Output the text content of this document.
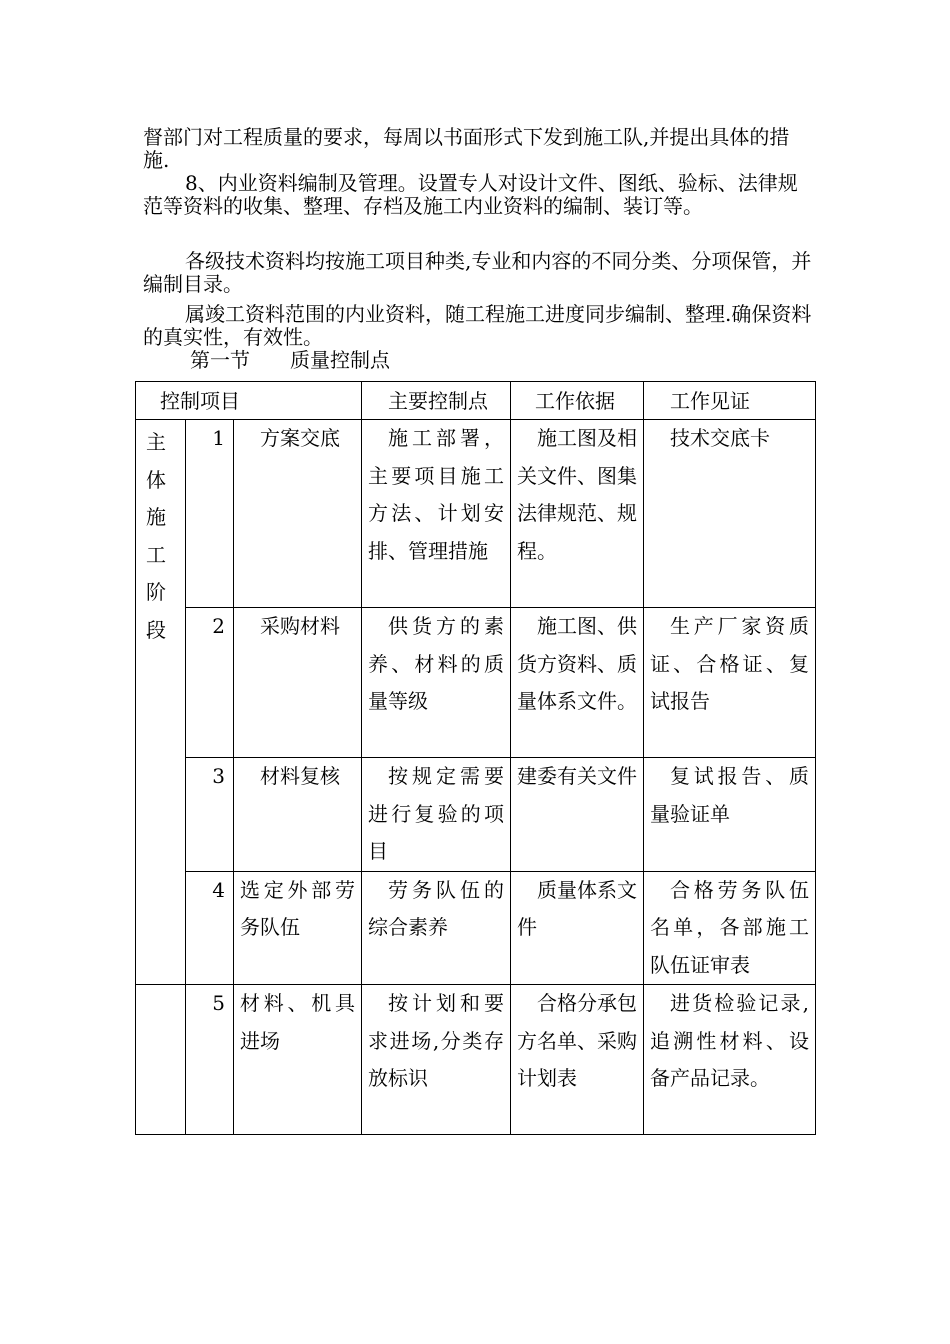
督部门对工程质量的要求，每周以书面形式下发到施工队,并提出具体的措施.

8、内业资料编制及管理。设置专人对设计文件、图纸、验标、法律规范等资料的收集、整理、存档及施工内业资料的编制、装订等。

各级技术资料均按施工项目种类,专业和内容的不同分类、分项保管，并编制目录。

属竣工资料范围的内业资料，随工程施工进度同步编制、整理.确保资料的真实性，有效性。

第一节　　质量控制点
控制项目			主要控制点	工作依据	工作见证
主体施工阶段	1	方案交底	施工部署，主要项目施工方法、计划安排、管理措施	施工图及相关文件、图集法律规范、规程。	技术交底卡
	2	采购材料	供货方的素养、材料的质量等级	施工图、供货方资料、质量体系文件。	生产厂家资质证、合格证、复试报告
	3	材料复核	按规定需要进行复验的项目	建委有关文件	复试报告、质量验证单
	4	选定外部劳务队伍	劳务队伍的综合素养	质量体系文件	合格劳务队伍名单，各部施工队伍证审表
	5	材料、机具进场	按计划和要求进场,分类存放标识	合格分承包方名单、采购计划表	进货检验记录,追溯性材料、设备产品记录。
